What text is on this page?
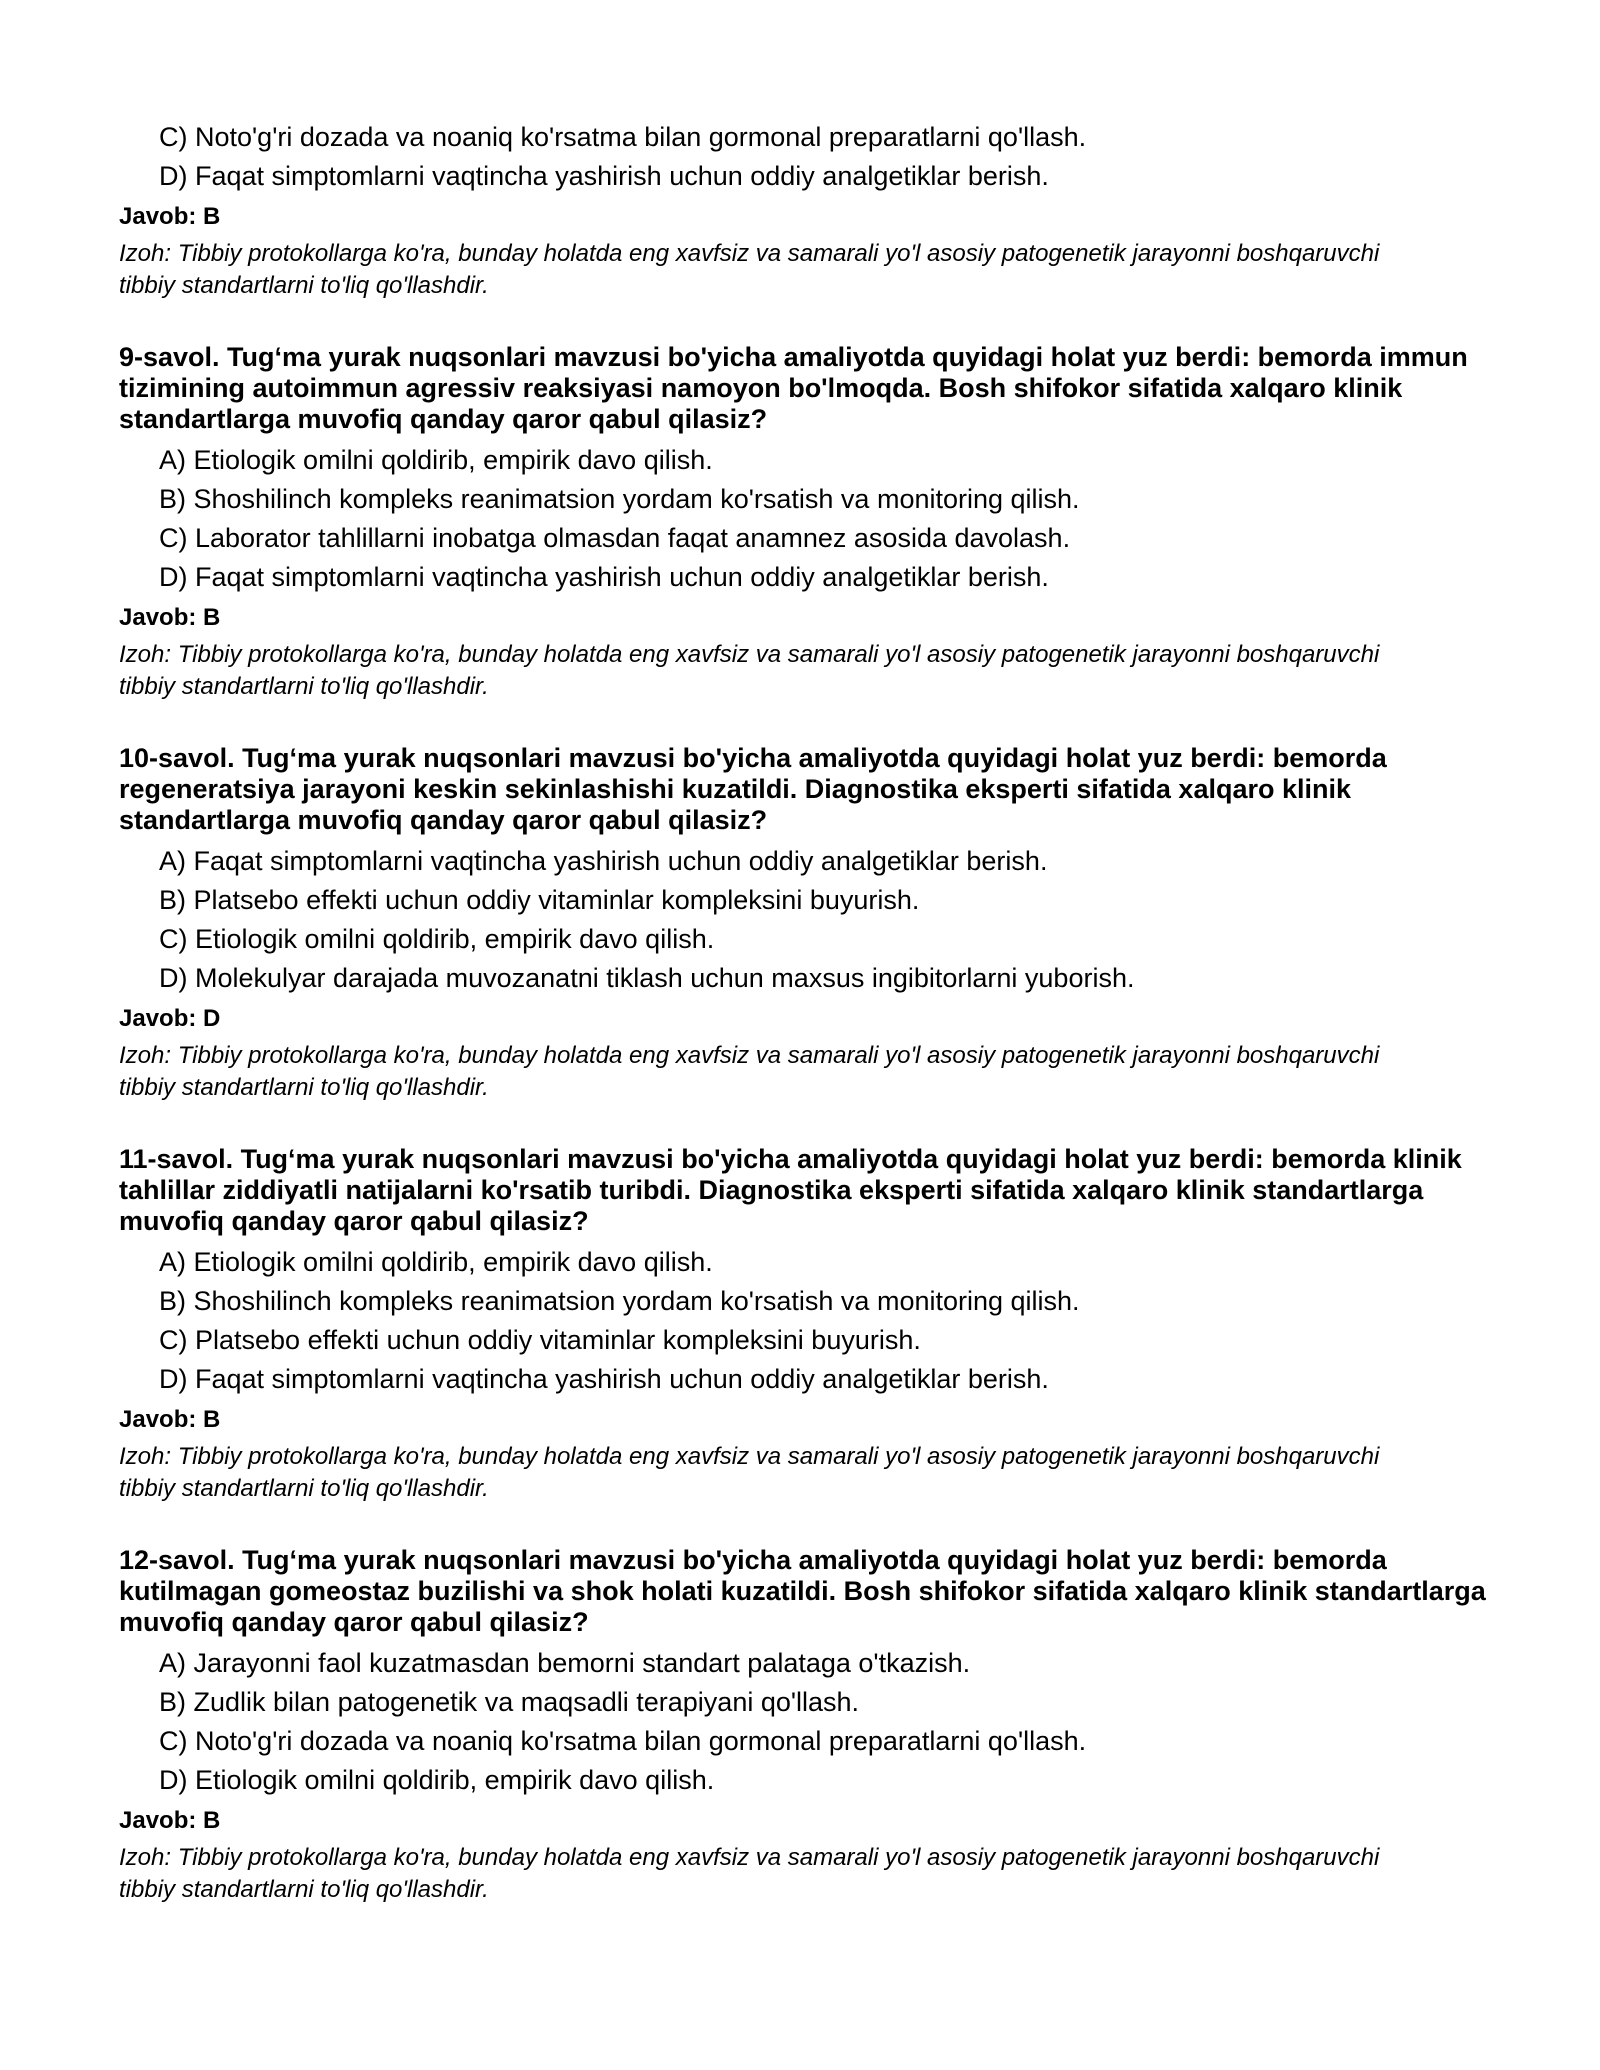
C) Noto'g'ri dozada va noaniq ko'rsatma bilan gormonal preparatlarni qo'llash.
D) Faqat simptomlarni vaqtincha yashirish uchun oddiy analgetiklar berish.
Javob: B
Izoh: Tibbiy protokollarga ko'ra, bunday holatda eng xavfsiz va samarali yo'l asosiy patogenetik jarayonni boshqaruvchi tibbiy standartlarni to'liq qo'llashdir.
9-savol. Tug‘ma yurak nuqsonlari mavzusi bo'yicha amaliyotda quyidagi holat yuz berdi: bemorda immun tizimining autoimmun agressiv reaksiyasi namoyon bo'lmoqda. Bosh shifokor sifatida xalqaro klinik standartlarga muvofiq qanday qaror qabul qilasiz?
A) Etiologik omilni qoldirib, empirik davo qilish.
B) Shoshilinch kompleks reanimatsion yordam ko'rsatish va monitoring qilish.
C) Laborator tahlillarni inobatga olmasdan faqat anamnez asosida davolash.
D) Faqat simptomlarni vaqtincha yashirish uchun oddiy analgetiklar berish.
Javob: B
Izoh: Tibbiy protokollarga ko'ra, bunday holatda eng xavfsiz va samarali yo'l asosiy patogenetik jarayonni boshqaruvchi tibbiy standartlarni to'liq qo'llashdir.
10-savol. Tug‘ma yurak nuqsonlari mavzusi bo'yicha amaliyotda quyidagi holat yuz berdi: bemorda regeneratsiya jarayoni keskin sekinlashishi kuzatildi. Diagnostika eksperti sifatida xalqaro klinik standartlarga muvofiq qanday qaror qabul qilasiz?
A) Faqat simptomlarni vaqtincha yashirish uchun oddiy analgetiklar berish.
B) Platsebo effekti uchun oddiy vitaminlar kompleksini buyurish.
C) Etiologik omilni qoldirib, empirik davo qilish.
D) Molekulyar darajada muvozanatni tiklash uchun maxsus ingibitorlarni yuborish.
Javob: D
Izoh: Tibbiy protokollarga ko'ra, bunday holatda eng xavfsiz va samarali yo'l asosiy patogenetik jarayonni boshqaruvchi tibbiy standartlarni to'liq qo'llashdir.
11-savol. Tug‘ma yurak nuqsonlari mavzusi bo'yicha amaliyotda quyidagi holat yuz berdi: bemorda klinik tahlillar ziddiyatli natijalarni ko'rsatib turibdi. Diagnostika eksperti sifatida xalqaro klinik standartlarga muvofiq qanday qaror qabul qilasiz?
A) Etiologik omilni qoldirib, empirik davo qilish.
B) Shoshilinch kompleks reanimatsion yordam ko'rsatish va monitoring qilish.
C) Platsebo effekti uchun oddiy vitaminlar kompleksini buyurish.
D) Faqat simptomlarni vaqtincha yashirish uchun oddiy analgetiklar berish.
Javob: B
Izoh: Tibbiy protokollarga ko'ra, bunday holatda eng xavfsiz va samarali yo'l asosiy patogenetik jarayonni boshqaruvchi tibbiy standartlarni to'liq qo'llashdir.
12-savol. Tug‘ma yurak nuqsonlari mavzusi bo'yicha amaliyotda quyidagi holat yuz berdi: bemorda kutilmagan gomeostaz buzilishi va shok holati kuzatildi. Bosh shifokor sifatida xalqaro klinik standartlarga muvofiq qanday qaror qabul qilasiz?
A) Jarayonni faol kuzatmasdan bemorni standart palataga o'tkazish.
B) Zudlik bilan patogenetik va maqsadli terapiyani qo'llash.
C) Noto'g'ri dozada va noaniq ko'rsatma bilan gormonal preparatlarni qo'llash.
D) Etiologik omilni qoldirib, empirik davo qilish.
Javob: B
Izoh: Tibbiy protokollarga ko'ra, bunday holatda eng xavfsiz va samarali yo'l asosiy patogenetik jarayonni boshqaruvchi tibbiy standartlarni to'liq qo'llashdir.
